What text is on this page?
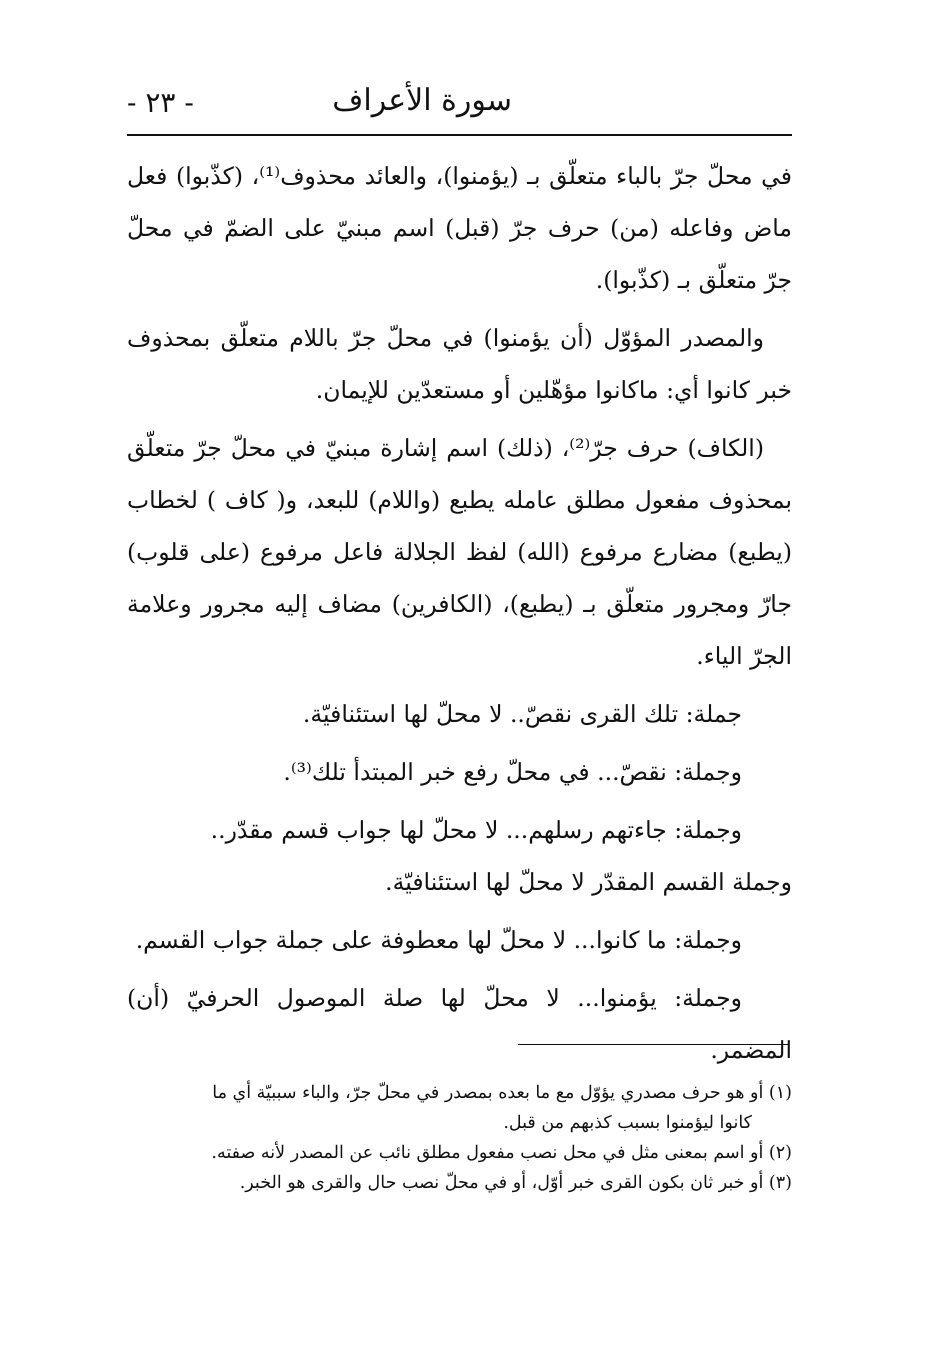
سورة الأعراف
- ٢٣ -

في محلّ جرّ بالباء متعلّق بـ (يؤمنوا)، والعائد محذوف⁽¹⁾، (كذّبوا) فعل ماض وفاعله (من) حرف جرّ (قبل) اسم مبنيّ على الضمّ في محلّ جرّ متعلّق بـ (كذّبوا).

والمصدر المؤوّل (أن يؤمنوا) في محلّ جرّ باللام متعلّق بمحذوف خبر كانوا أي: ماكانوا مؤهّلين أو مستعدّين للإيمان.

(الكاف) حرف جرّ⁽²⁾، (ذلك) اسم إشارة مبنيّ في محلّ جرّ متعلّق بمحذوف مفعول مطلق عامله يطبع (واللام) للبعد، و( كاف ) لخطاب (يطبع) مضارع مرفوع (الله) لفظ الجلالة فاعل مرفوع (على قلوب) جارّ ومجرور متعلّق بـ (يطبع)، (الكافرين) مضاف إليه مجرور وعلامة الجرّ الياء.

جملة: تلك القرى نقصّ.. لا محلّ لها استئنافيّة.

وجملة: نقصّ... في محلّ رفع خبر المبتدأ تلك⁽³⁾.

وجملة: جاءتهم رسلهم... لا محلّ لها جواب قسم مقدّر..
وجملة القسم المقدّر لا محلّ لها استئنافيّة.

وجملة: ما كانوا... لا محلّ لها معطوفة على جملة جواب القسم.

وجملة: يؤمنوا... لا محلّ لها صلة الموصول الحرفيّ (أن) المضمر.

(١) أو هو حرف مصدري يؤوّل مع ما بعده بمصدر في محلّ جرّ، والباء سببيّة أي ما

كانوا ليؤمنوا بسبب كذبهم من قبل.

(٢) أو اسم بمعنى مثل في محل نصب مفعول مطلق نائب عن المصدر لأنه صفته.

(٣) أو خبر ثان بكون القرى خبر أوّل، أو في محلّ نصب حال والقرى هو الخبر.
